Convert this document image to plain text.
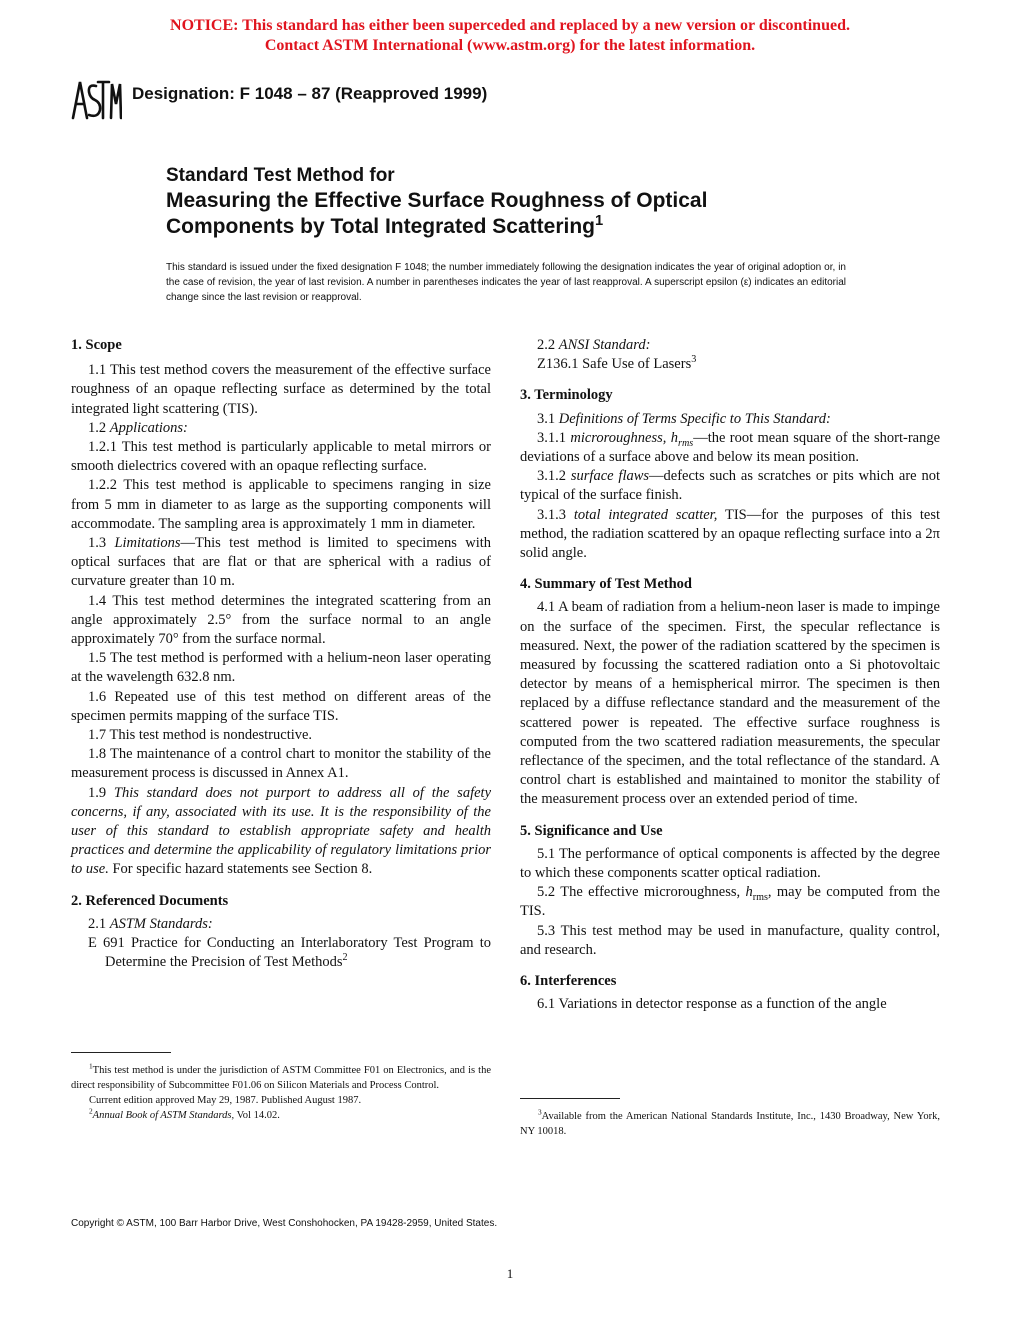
NOTICE: This standard has either been superceded and replaced by a new version or discontinued.
Contact ASTM International (www.astm.org) for the latest information.
Designation: F 1048 – 87 (Reapproved 1999)
Standard Test Method for
Measuring the Effective Surface Roughness of Optical
Components by Total Integrated Scattering$^1$
This standard is issued under the fixed designation F 1048; the number immediately following the designation indicates the year of original adoption or, in the case of revision, the year of last revision. A number in parentheses indicates the year of last reapproval. A superscript epsilon (ε) indicates an editorial change since the last revision or reapproval.
1. Scope

1.1 This test method covers the measurement of the effective surface roughness of an opaque reflecting surface as determined by the total integrated light scattering (TIS).

1.2 Applications:

1.2.1 This test method is particularly applicable to metal mirrors or smooth dielectrics covered with an opaque reflecting surface.

1.2.2 This test method is applicable to specimens ranging in size from 5 mm in diameter to as large as the supporting components will accommodate. The sampling area is approximately 1 mm in diameter.

1.3 Limitations—This test method is limited to specimens with optical surfaces that are flat or that are spherical with a radius of curvature greater than 10 m.

1.4 This test method determines the integrated scattering from an angle approximately 2.5° from the surface normal to an angle approximately 70° from the surface normal.

1.5 The test method is performed with a helium-neon laser operating at the wavelength 632.8 nm.

1.6 Repeated use of this test method on different areas of the specimen permits mapping of the surface TIS.

1.7 This test method is nondestructive.

1.8 The maintenance of a control chart to monitor the stability of the measurement process is discussed in Annex A1.

1.9 This standard does not purport to address all of the safety concerns, if any, associated with its use. It is the responsibility of the user of this standard to establish appropriate safety and health practices and determine the applicability of regulatory limitations prior to use. For specific hazard statements see Section 8.

2. Referenced Documents

2.1 ASTM Standards:

E 691 Practice for Conducting an Interlaboratory Test Program to Determine the Precision of Test Methods$^2$

$^1$This test method is under the jurisdiction of ASTM Committee F01 on Electronics, and is the direct responsibility of Subcommittee F01.06 on Silicon Materials and Process Control.

Current edition approved May 29, 1987. Published August 1987.

$^2$Annual Book of ASTM Standards, Vol 14.02.

2.2 ANSI Standard:

Z136.1 Safe Use of Lasers$^3$

3. Terminology

3.1 Definitions of Terms Specific to This Standard:

3.1.1 microroughness, $h_{rms}—the$ root mean square of the short-range deviations of a surface above and below its mean position.

3.1.2 surface flaws—defects such as scratches or pits which are not typical of the surface finish.

3.1.3 total integrated scatter, TIS—for the purposes of this test method, the radiation scattered by an opaque reflecting surface into a 2π solid angle.

4. Summary of Test Method

4.1 A beam of radiation from a helium-neon laser is made to impinge on the surface of the specimen. First, the specular reflectance is measured. Next, the power of the radiation scattered by the specimen is measured by focussing the scattered radiation onto a Si photovoltaic detector by means of a hemispherical mirror. The specimen is then replaced by a diffuse reflectance standard and the measurement of the scattered power is repeated. The effective surface roughness is computed from the two scattered radiation measurements, the specular reflectance of the specimen, and the total reflectance of the standard. A control chart is established and maintained to monitor the stability of the measurement process over an extended period of time.

5. Significance and Use

5.1 The performance of optical components is affected by the degree to which these components scatter optical radiation.

5.2 The effective microroughness, $h_{rms}$, may be computed from the TIS.

5.3 This test method may be used in manufacture, quality control, and research.

6. Interferences

6.1 Variations in detector response as a function of the angle

$^3$Available from the American National Standards Institute, Inc., 1430 Broadway, New York, NY 10018.

Copyright © ASTM, 100 Barr Harbor Drive, West Conshohocken, PA 19428-2959, United States.
1
